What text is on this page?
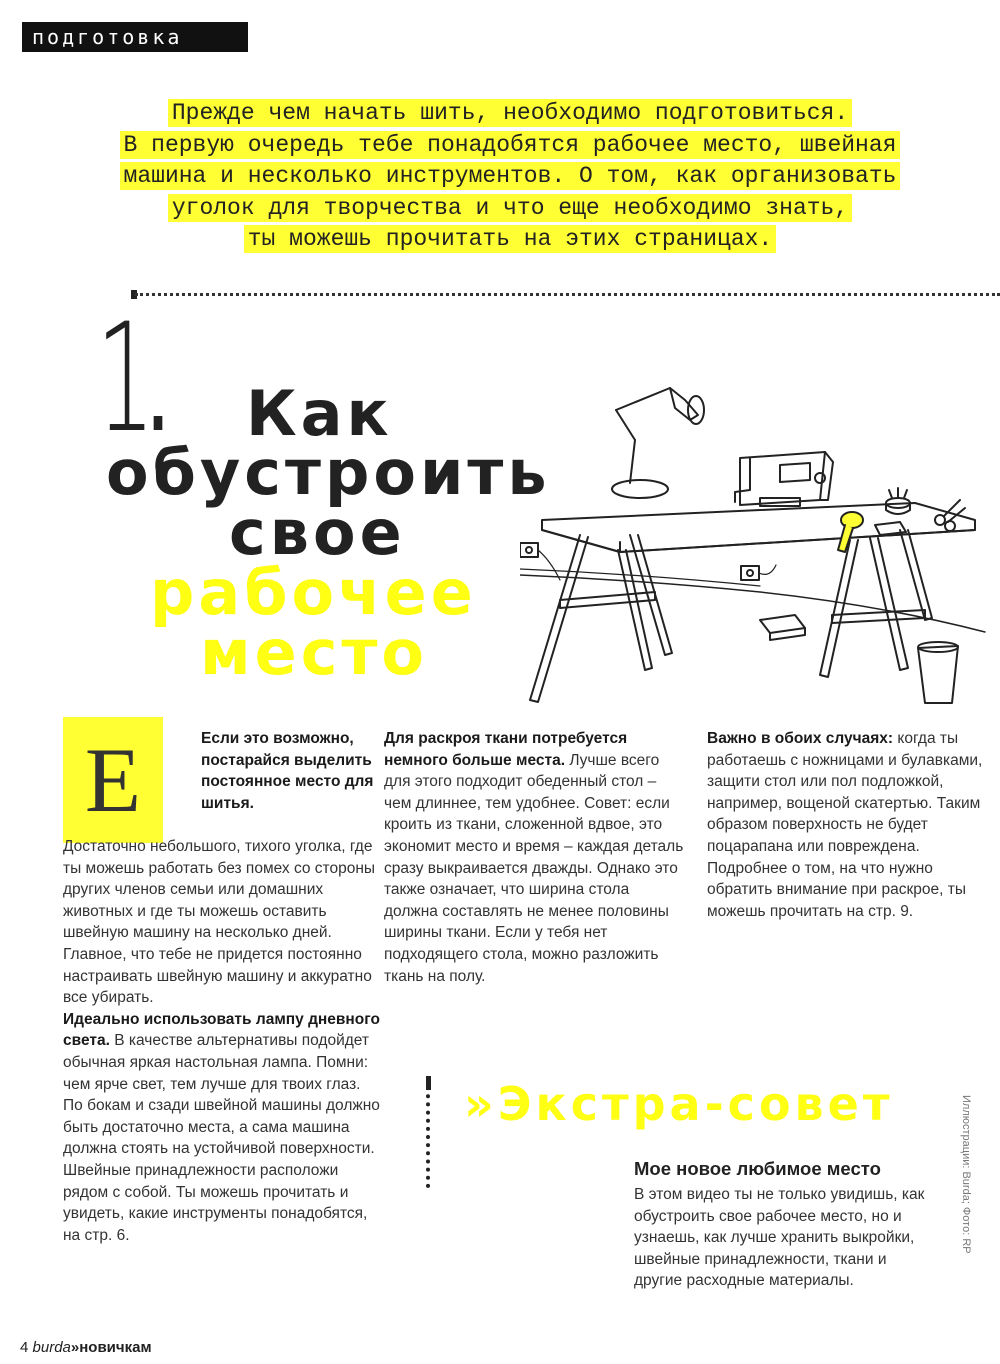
подготовка
Прежде чем начать шить, необходимо подготовиться.
В первую очередь тебе понадобятся рабочее место, швейная
машина и несколько инструментов. О том, как организовать
уголок для творчества и что еще необходимо знать,
ты можешь прочитать на этих страницах.
1 Как
обустроить
свое
рабочее
место
Е	Если это возможно, постарайся выделить постоянное место для шитья.
Достаточно небольшого, тихого уголка, где ты можешь работать без помех со стороны других членов семьи или домашних животных и где ты можешь оставить швейную машину на несколько дней. Главное, что тебе не придется постоянно настраивать швейную машину и аккуратно все убирать.
Идеально использовать лампу дневного света. В качестве альтернативы подойдет обычная яркая настольная лампа. Помни: чем ярче свет, тем лучше для твоих глаз.
По бокам и сзади швейной машины должно быть достаточно места, а сама машина должна стоять на устойчивой поверхности. Швейные принадлежности расположи рядом с собой. Ты можешь прочитать и увидеть, какие инструменты понадобятся, на стр. 6.
Для раскроя ткани потребуется немного больше места. Лучше всего для этого подходит обеденный стол – чем длиннее, тем удобнее. Совет: если кроить из ткани, сложенной вдвое, это экономит место и время – каждая деталь сразу выкраивается дважды. Однако это также означает, что ширина стола должна составлять не менее половины ширины ткани. Если у тебя нет подходящего стола, можно разложить ткань на полу.
Важно в обоих случаях: когда ты работаешь с ножницами и булавками, защити стол или пол подложкой, например, вощеной скатертью. Таким образом поверхность не будет поцарапана или повреждена. Подробнее о том, на что нужно обратить внимание при раскрое, ты можешь прочитать на стр. 9.
»Экстра-совет
Мое новое любимое место
В этом видео ты не только увидишь, как обустроить свое рабочее место, но и узнаешь, как лучше хранить выкройки, швейные принадлежности, ткани и другие расходные материалы.
Иллюстрации: Burda; Фото: RP
4 burda»новичкам
